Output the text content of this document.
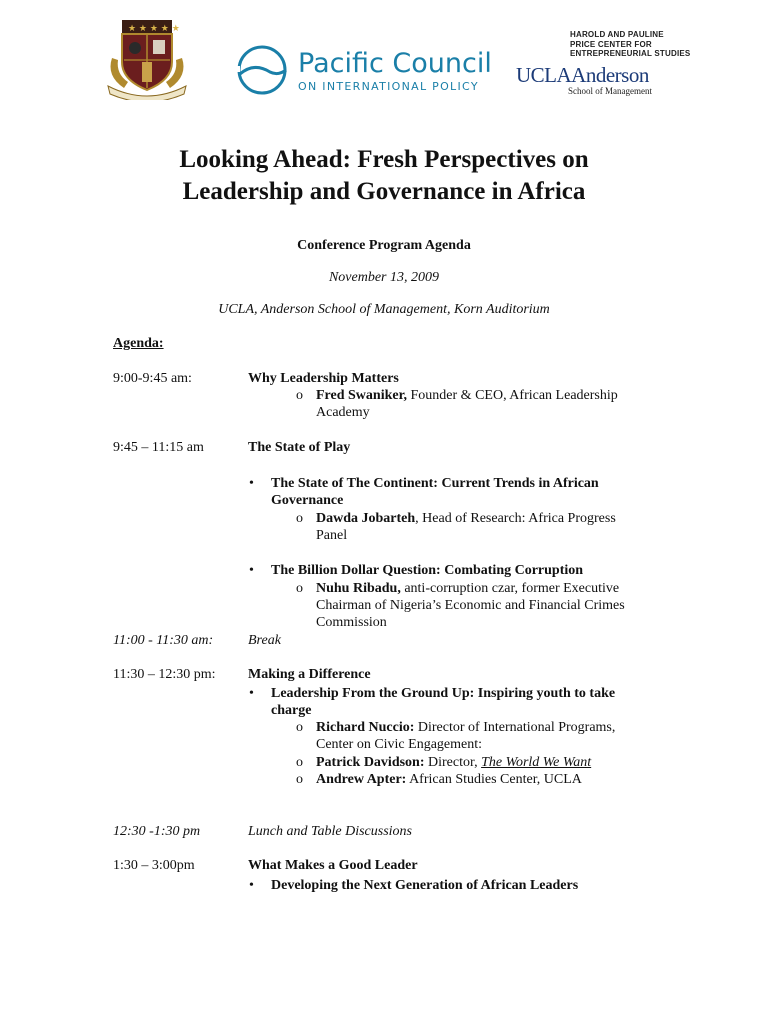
★ ★ ★ ★ ★
Pacific Council
ON INTERNATIONAL POLICY
HAROLD AND PAULINE
PRICE CENTER FOR
ENTREPRENEURIAL STUDIES
UCLAAnderson
School of Management
Looking Ahead: Fresh Perspectives on
Leadership and Governance in Africa
Conference Program Agenda
November 13, 2009
UCLA, Anderson School of Management, Korn Auditorium
Agenda:
9:00-9:45 am:	Why Leadership Matters
o Fred Swaniker, Founder & CEO, African Leadership
Academy
9:45 – 11:15 am	The State of Play
• The State of The Continent: Current Trends in African
Governance
o Dawda Jobarteh, Head of Research: Africa Progress
Panel
• The Billion Dollar Question: Combating Corruption
o Nuhu Ribadu, anti-corruption czar, former Executive
Chairman of Nigeria’s Economic and Financial Crimes
Commission
11:00 - 11:30 am: Break
11:30 – 12:30 pm: Making a Difference
• Leadership From the Ground Up: Inspiring youth to take
charge
o Richard Nuccio: Director of International Programs,
Center on Civic Engagement:
o Patrick Davidson: Director, The World We Want
o Andrew Apter: African Studies Center, UCLA
12:30 -1:30 pm	Lunch and Table Discussions
1:30 – 3:00pm	What Makes a Good Leader
• Developing the Next Generation of African Leaders
